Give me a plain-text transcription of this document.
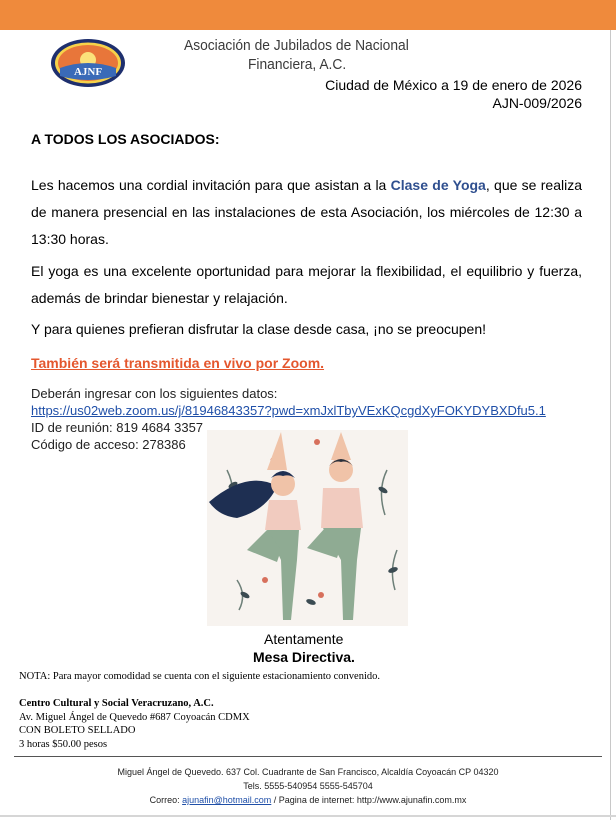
AJNF
Asociación de Jubilados de Nacional
Financiera, A.C.
Ciudad de México a 19 de enero de 2026
AJN-009/2026
A TODOS LOS ASOCIADOS:
Les hacemos una cordial invitación para que asistan a la Clase de Yoga, que se realiza de manera presencial en las instalaciones de esta Asociación, los miércoles de 12:30 a 13:30 horas.
El yoga es una excelente oportunidad para mejorar la flexibilidad, el equilibrio y fuerza, además de brindar bienestar y relajación.
Y para quienes prefieran disfrutar la clase desde casa, ¡no se preocupen!
También será transmitida en vivo por Zoom.
Deberán ingresar con los siguientes datos:
https://us02web.zoom.us/j/81946843357?pwd=xmJxlTbyVExKQcgdXyFOKYDYBXDfu5.1
ID de reunión: 819 4684 3357
Código de acceso: 278386
Atentamente
Mesa Directiva.
NOTA: Para mayor comodidad se cuenta con el siguiente estacionamiento convenido.
Centro Cultural y Social Veracruzano, A.C.
Av. Miguel Ángel de Quevedo #687 Coyoacán CDMX
CON BOLETO SELLADO
3 horas $50.00 pesos
Miguel Ángel de Quevedo. 637 Col. Cuadrante de San Francisco, Alcaldía Coyoacán CP 04320
Tels. 5555-540954 5555-545704
Correo: ajunafin@hotmail.com / Pagina de internet: http://www.ajunafin.com.mx
